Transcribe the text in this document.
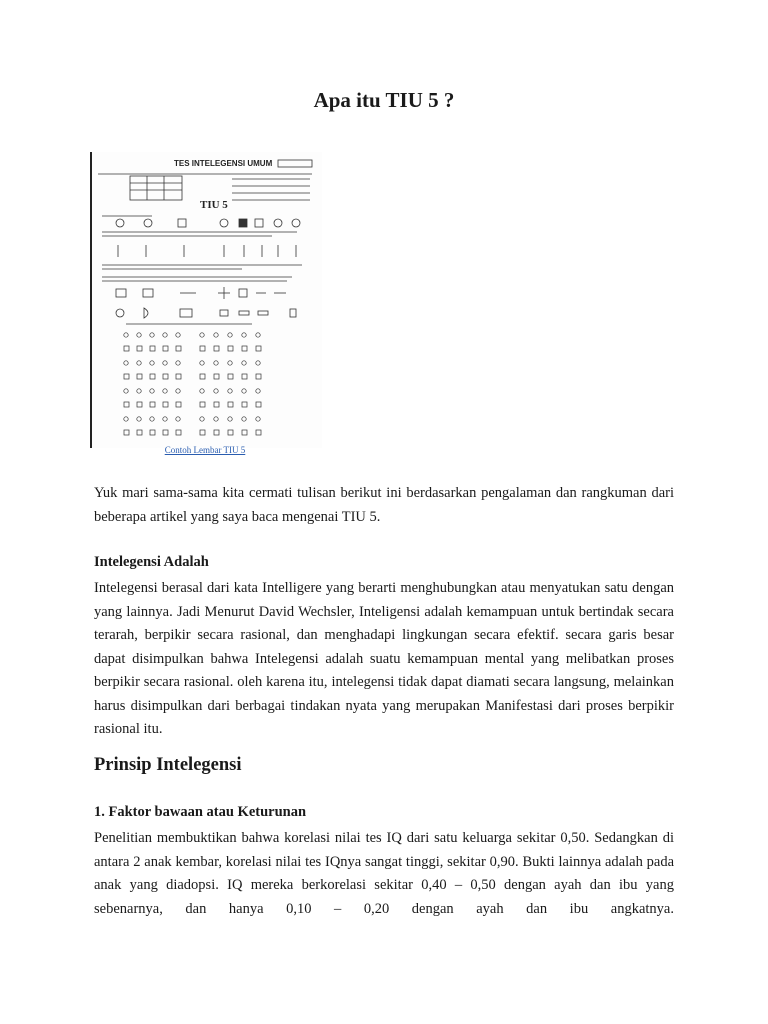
Apa itu TIU 5 ?
TES INTELEGENSI UMUM
TIU 5
Contoh Lembar TIU 5

Yuk mari sama-sama kita cermati tulisan berikut ini berdasarkan pengalaman dan rangkuman dari beberapa artikel yang saya baca mengenai TIU 5.

Intelegensi Adalah

Intelegensi berasal dari kata Intelligere yang berarti menghubungkan atau menyatukan satu dengan yang lainnya. Jadi Menurut David Wechsler, Inteligensi adalah kemampuan untuk bertindak secara terarah, berpikir secara rasional, dan menghadapi lingkungan secara efektif. secara garis besar dapat disimpulkan bahwa Intelegensi adalah suatu kemampuan mental yang melibatkan proses berpikir secara rasional. oleh karena itu, intelegensi tidak dapat diamati secara langsung, melainkan harus disimpulkan dari berbagai tindakan nyata yang merupakan Manifestasi dari proses berpikir rasional itu.

Prinsip Intelegensi
1. Faktor bawaan atau Keturunan

Penelitian membuktikan bahwa korelasi nilai tes IQ dari satu keluarga sekitar 0,50. Sedangkan di antara 2 anak kembar, korelasi nilai tes IQnya sangat tinggi, sekitar 0,90. Bukti lainnya adalah pada anak yang diadopsi. IQ mereka berkorelasi sekitar 0,40 – 0,50 dengan ayah dan ibu yang sebenarnya, dan hanya 0,10 – 0,20 dengan ayah dan ibu angkatnya.
